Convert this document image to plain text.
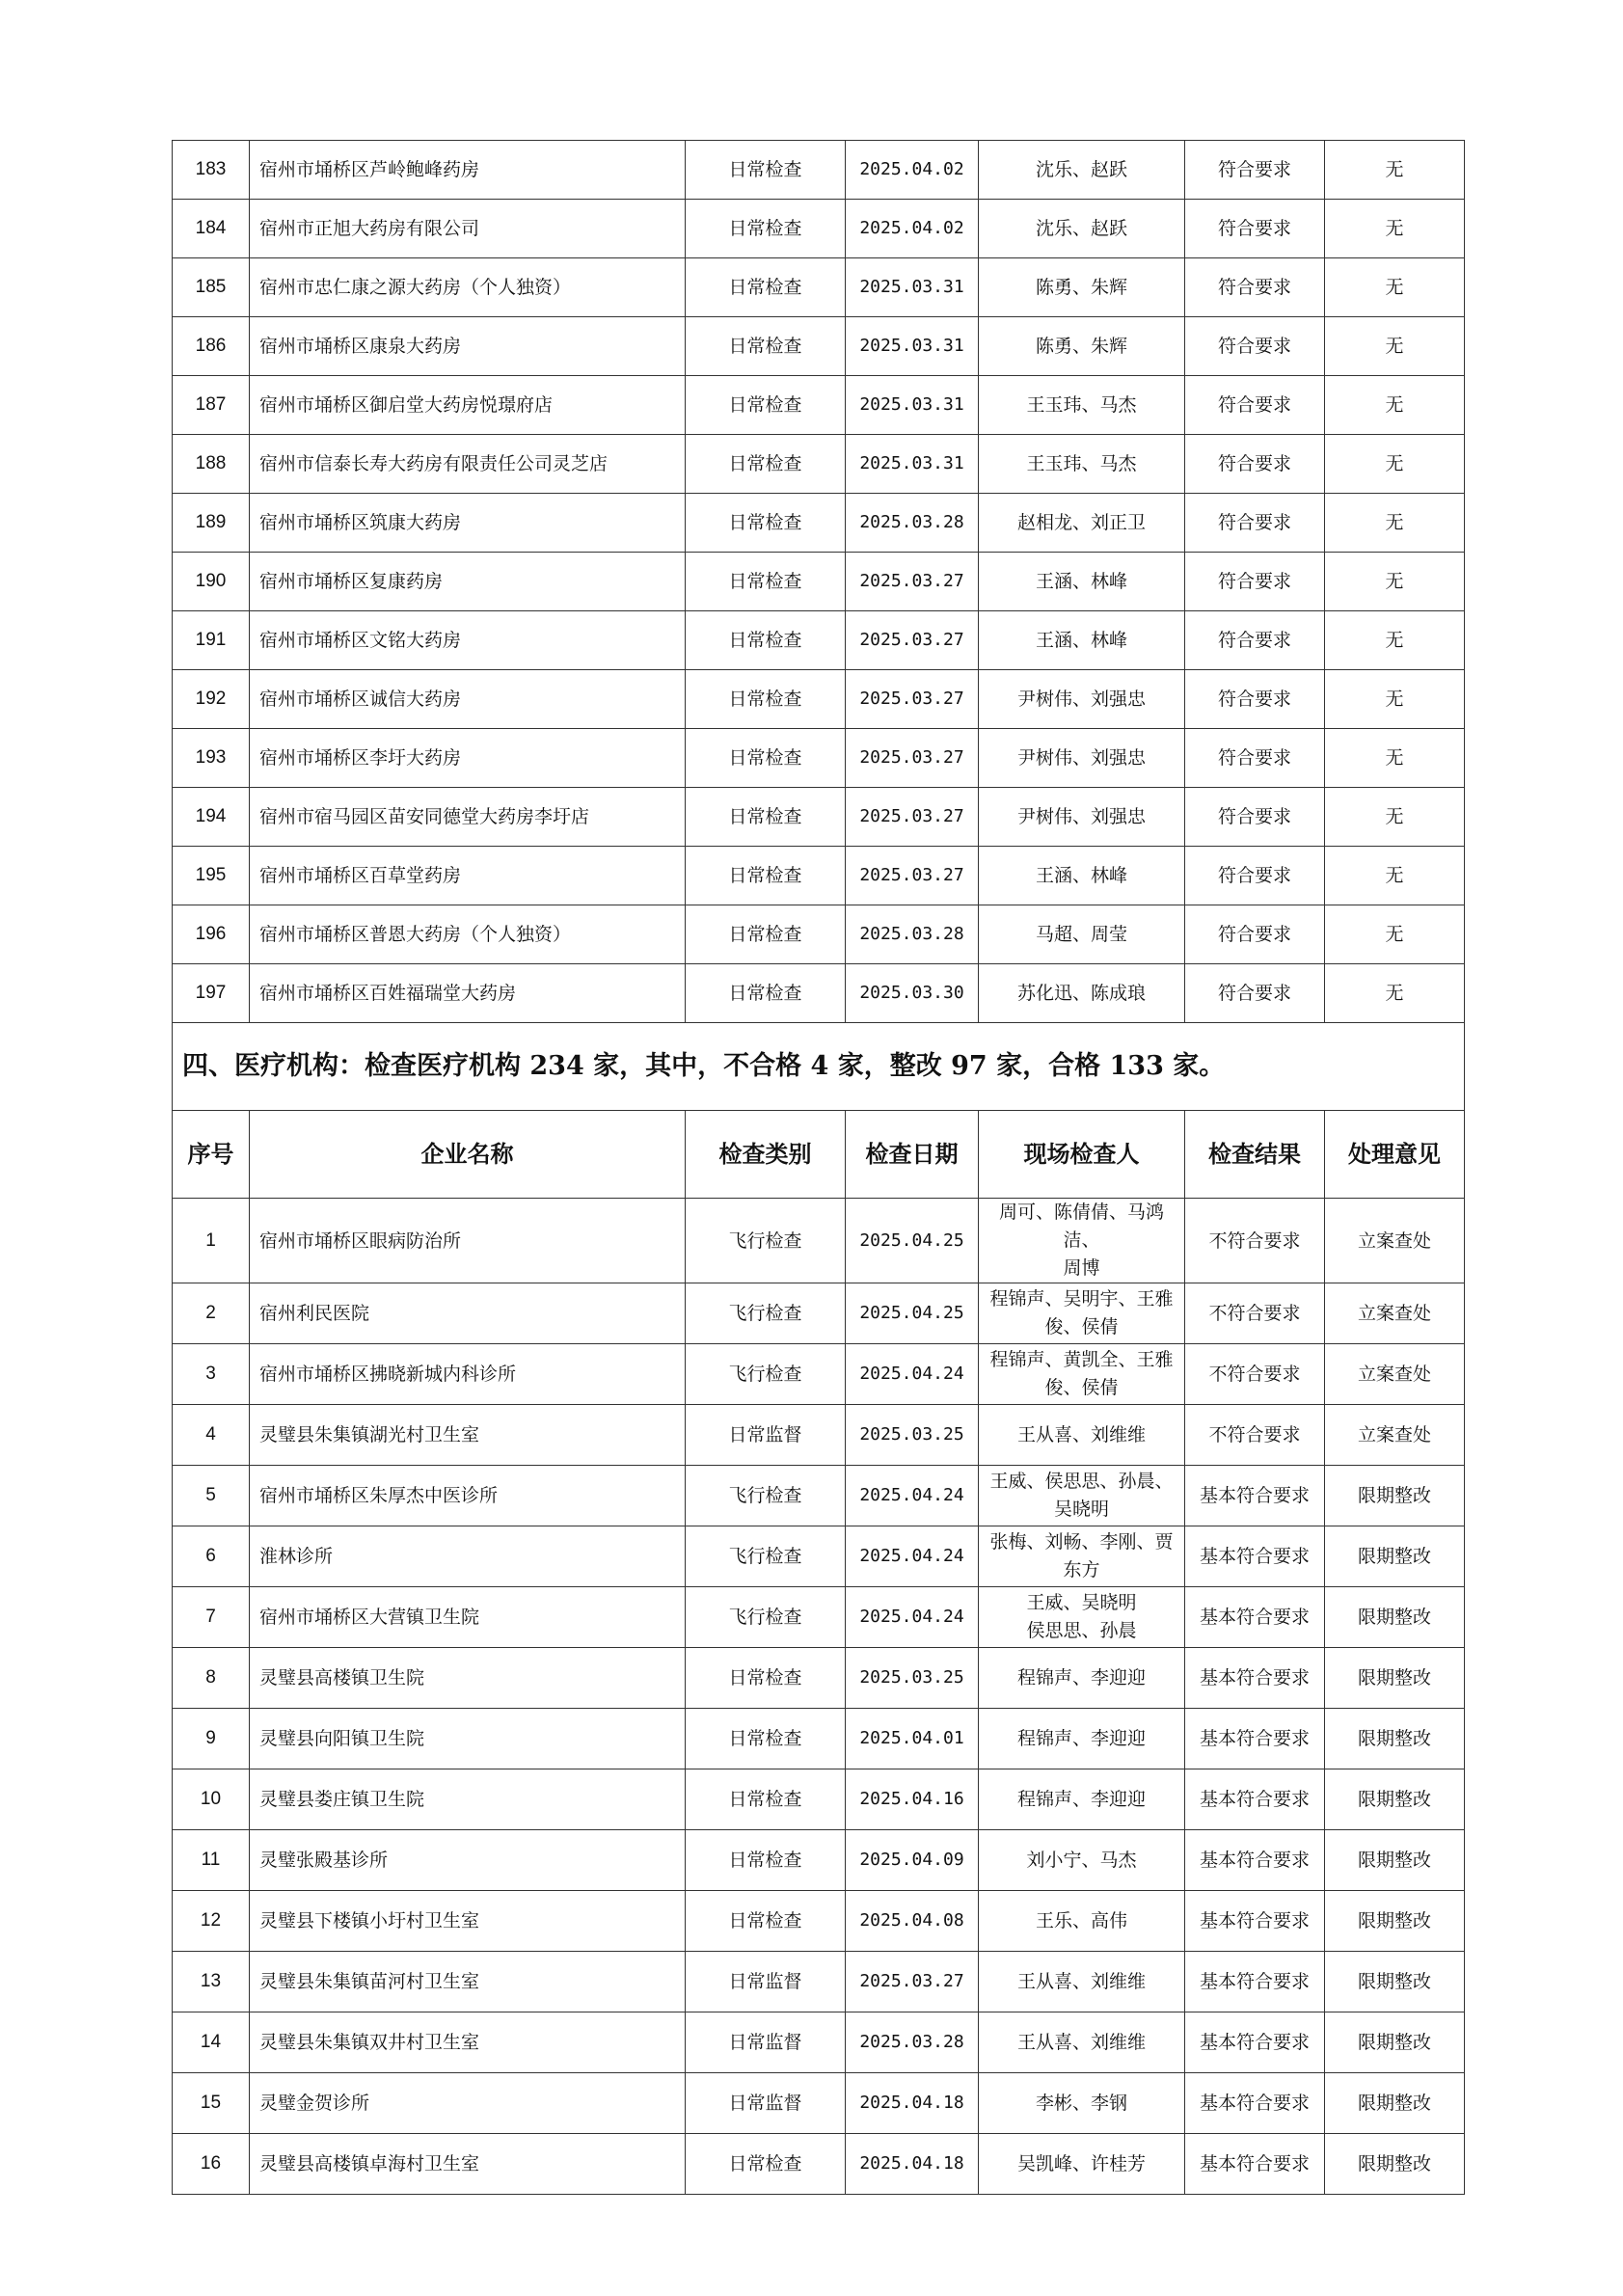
183	宿州市埇桥区芦岭鲍峰药房	日常检查	2025.04.02	沈乐、赵跃	符合要求	无
184	宿州市正旭大药房有限公司	日常检查	2025.04.02	沈乐、赵跃	符合要求	无
185	宿州市忠仁康之源大药房（个人独资）	日常检查	2025.03.31	陈勇、朱辉	符合要求	无
186	宿州市埇桥区康泉大药房	日常检查	2025.03.31	陈勇、朱辉	符合要求	无
187	宿州市埇桥区御启堂大药房悦璟府店	日常检查	2025.03.31	王玉玮、马杰	符合要求	无
188	宿州市信泰长寿大药房有限责任公司灵芝店	日常检查	2025.03.31	王玉玮、马杰	符合要求	无
189	宿州市埇桥区筑康大药房	日常检查	2025.03.28	赵相龙、刘正卫	符合要求	无
190	宿州市埇桥区复康药房	日常检查	2025.03.27	王涵、林峰	符合要求	无
191	宿州市埇桥区文铭大药房	日常检查	2025.03.27	王涵、林峰	符合要求	无
192	宿州市埇桥区诚信大药房	日常检查	2025.03.27	尹树伟、刘强忠	符合要求	无
193	宿州市埇桥区李圩大药房	日常检查	2025.03.27	尹树伟、刘强忠	符合要求	无
194	宿州市宿马园区苗安同德堂大药房李圩店	日常检查	2025.03.27	尹树伟、刘强忠	符合要求	无
195	宿州市埇桥区百草堂药房	日常检查	2025.03.27	王涵、林峰	符合要求	无
196	宿州市埇桥区普恩大药房（个人独资）	日常检查	2025.03.28	马超、周莹	符合要求	无
197	宿州市埇桥区百姓福瑞堂大药房	日常检查	2025.03.30	苏化迅、陈成琅	符合要求	无
四、医疗机构：检查医疗机构 234 家，其中，不合格 4 家，整改 97 家，合格 133 家。						
序号	企业名称	检查类别	检查日期	现场检查人	检查结果	处理意见
1	宿州市埇桥区眼病防治所	飞行检查	2025.04.25	周可、陈倩倩、马鸿洁、
周博	不符合要求	立案查处
2	宿州利民医院	飞行检查	2025.04.25	程锦声、吴明宇、王雅
俊、侯倩	不符合要求	立案查处
3	宿州市埇桥区拂晓新城内科诊所	飞行检查	2025.04.24	程锦声、黄凯全、王雅
俊、侯倩	不符合要求	立案查处
4	灵璧县朱集镇湖光村卫生室	日常监督	2025.03.25	王从喜、刘维维	不符合要求	立案查处
5	宿州市埇桥区朱厚杰中医诊所	飞行检查	2025.04.24	王威、侯思思、孙晨、
吴晓明	基本符合要求	限期整改
6	淮林诊所	飞行检查	2025.04.24	张梅、刘畅、李刚、贾
东方	基本符合要求	限期整改
7	宿州市埇桥区大营镇卫生院	飞行检查	2025.04.24	王威、吴晓明
侯思思、孙晨	基本符合要求	限期整改
8	灵璧县高楼镇卫生院	日常检查	2025.03.25	程锦声、李迎迎	基本符合要求	限期整改
9	灵璧县向阳镇卫生院	日常检查	2025.04.01	程锦声、李迎迎	基本符合要求	限期整改
10	灵璧县娄庄镇卫生院	日常检查	2025.04.16	程锦声、李迎迎	基本符合要求	限期整改
11	灵璧张殿基诊所	日常检查	2025.04.09	刘小宁、马杰	基本符合要求	限期整改
12	灵璧县下楼镇小圩村卫生室	日常检查	2025.04.08	王乐、高伟	基本符合要求	限期整改
13	灵璧县朱集镇苗河村卫生室	日常监督	2025.03.27	王从喜、刘维维	基本符合要求	限期整改
14	灵璧县朱集镇双井村卫生室	日常监督	2025.03.28	王从喜、刘维维	基本符合要求	限期整改
15	灵璧金贺诊所	日常监督	2025.04.18	李彬、李钢	基本符合要求	限期整改
16	灵璧县高楼镇卓海村卫生室	日常检查	2025.04.18	吴凯峰、许桂芳	基本符合要求	限期整改
